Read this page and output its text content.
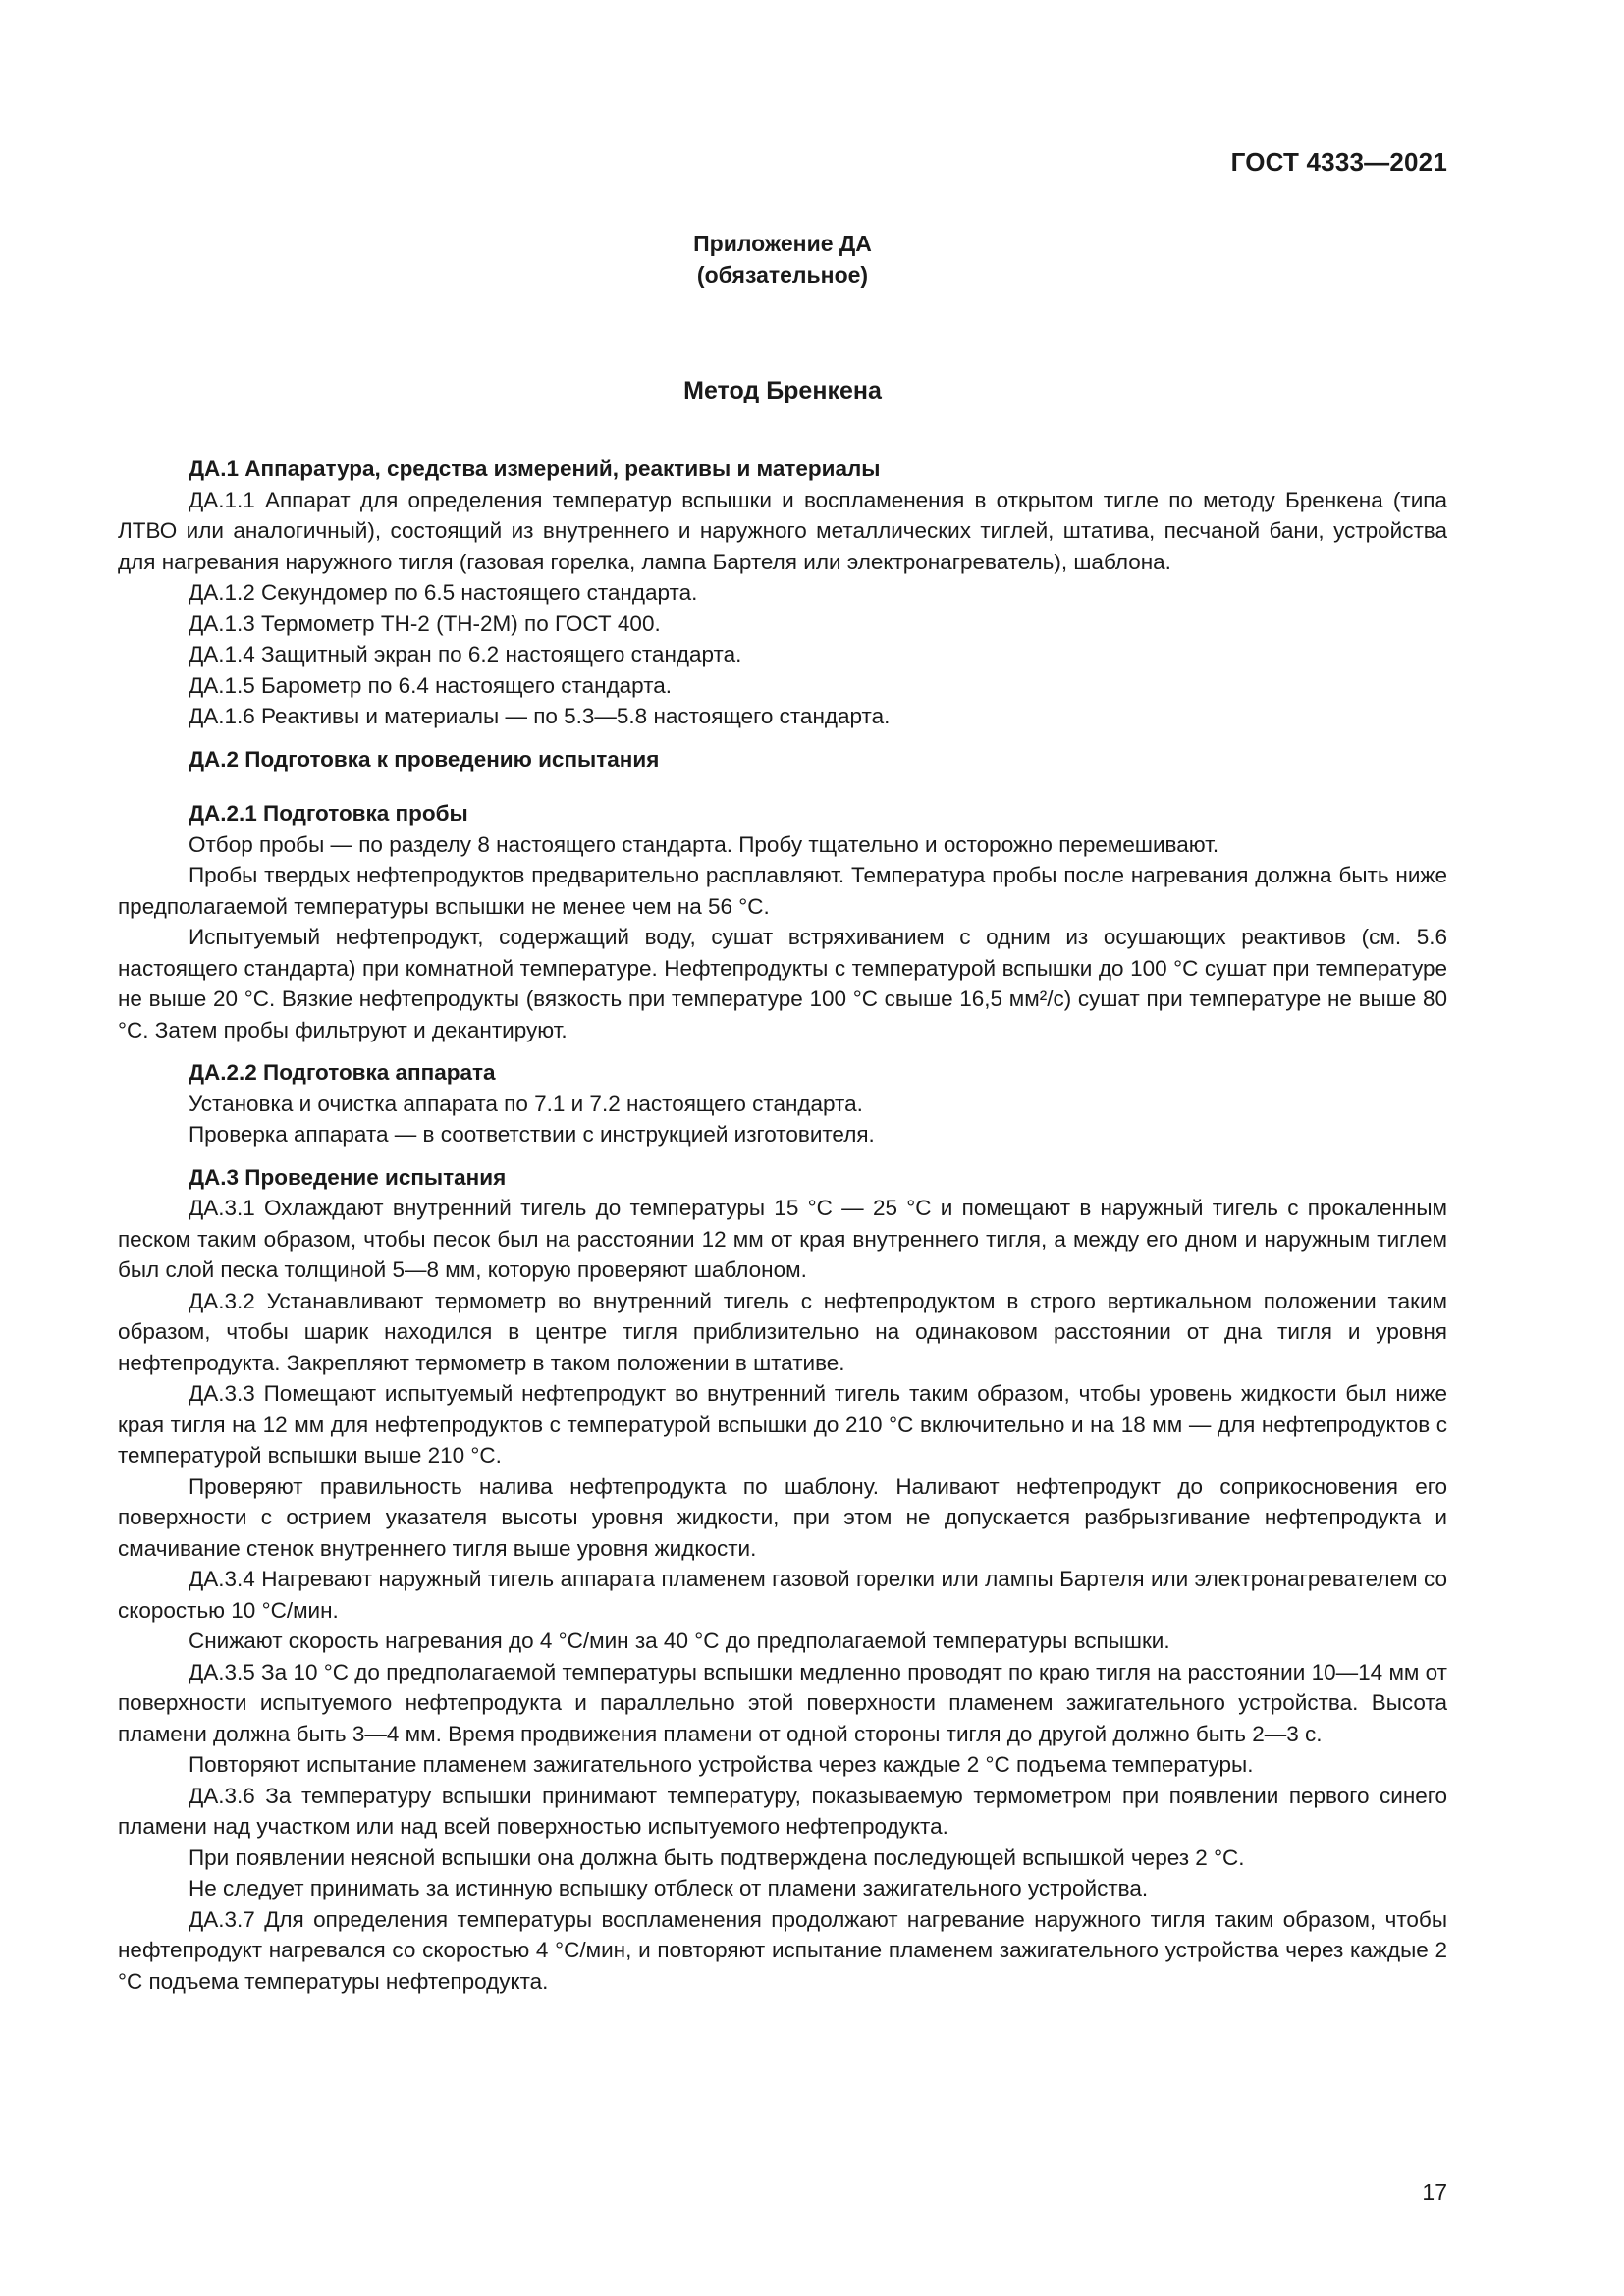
ГОСТ 4333—2021
Приложение ДА
(обязательное)
Метод Бренкена
ДА.1 Аппаратура, средства измерений, реактивы и материалы

ДА.1.1 Аппарат для определения температур вспышки и воспламенения в открытом тигле по методу Бренкена (типа ЛТВО или аналогичный), состоящий из внутреннего и наружного металлических тиглей, штатива, песчаной бани, устройства для нагревания наружного тигля (газовая горелка, лампа Бартеля или электронагреватель), шаблона.

ДА.1.2 Секундомер по 6.5 настоящего стандарта.

ДА.1.3 Термометр ТН-2 (ТН-2М) по ГОСТ 400.

ДА.1.4 Защитный экран по 6.2 настоящего стандарта.

ДА.1.5 Барометр по 6.4 настоящего стандарта.

ДА.1.6 Реактивы и материалы — по 5.3—5.8 настоящего стандарта.

ДА.2 Подготовка к проведению испытания
ДА.2.1 Подготовка пробы

Отбор пробы — по разделу 8 настоящего стандарта. Пробу тщательно и осторожно перемешивают.

Пробы твердых нефтепродуктов предварительно расплавляют. Температура пробы после нагревания должна быть ниже предполагаемой температуры вспышки не менее чем на 56 °С.

Испытуемый нефтепродукт, содержащий воду, сушат встряхиванием с одним из осушающих реактивов (см. 5.6 настоящего стандарта) при комнатной температуре. Нефтепродукты с температурой вспышки до 100 °С сушат при температуре не выше 20 °С. Вязкие нефтепродукты (вязкость при температуре 100 °С свыше 16,5 мм²/с) сушат при температуре не выше 80 °С. Затем пробы фильтруют и декантируют.

ДА.2.2 Подготовка аппарата

Установка и очистка аппарата по 7.1 и 7.2 настоящего стандарта.

Проверка аппарата — в соответствии с инструкцией изготовителя.

ДА.3 Проведение испытания

ДА.3.1 Охлаждают внутренний тигель до температуры 15 °С — 25 °С и помещают в наружный тигель с прокаленным песком таким образом, чтобы песок был на расстоянии 12 мм от края внутреннего тигля, а между его дном и наружным тиглем был слой песка толщиной 5—8 мм, которую проверяют шаблоном.

ДА.3.2 Устанавливают термометр во внутренний тигель с нефтепродуктом в строго вертикальном положении таким образом, чтобы шарик находился в центре тигля приблизительно на одинаковом расстоянии от дна тигля и уровня нефтепродукта. Закрепляют термометр в таком положении в штативе.

ДА.3.3 Помещают испытуемый нефтепродукт во внутренний тигель таким образом, чтобы уровень жидкости был ниже края тигля на 12 мм для нефтепродуктов с температурой вспышки до 210 °С включительно и на 18 мм — для нефтепродуктов с температурой вспышки выше 210 °С.

Проверяют правильность налива нефтепродукта по шаблону. Наливают нефтепродукт до соприкосновения его поверхности с острием указателя высоты уровня жидкости, при этом не допускается разбрызгивание нефтепродукта и смачивание стенок внутреннего тигля выше уровня жидкости.

ДА.3.4 Нагревают наружный тигель аппарата пламенем газовой горелки или лампы Бартеля или электронагревателем со скоростью 10 °С/мин.

Снижают скорость нагревания до 4 °С/мин за 40 °С до предполагаемой температуры вспышки.

ДА.3.5 За 10 °С до предполагаемой температуры вспышки медленно проводят по краю тигля на расстоянии 10—14 мм от поверхности испытуемого нефтепродукта и параллельно этой поверхности пламенем зажигательного устройства. Высота пламени должна быть 3—4 мм. Время продвижения пламени от одной стороны тигля до другой должно быть 2—3 с.

Повторяют испытание пламенем зажигательного устройства через каждые 2 °С подъема температуры.

ДА.3.6 За температуру вспышки принимают температуру, показываемую термометром при появлении первого синего пламени над участком или над всей поверхностью испытуемого нефтепродукта.

При появлении неясной вспышки она должна быть подтверждена последующей вспышкой через 2 °С.

Не следует принимать за истинную вспышку отблеск от пламени зажигательного устройства.

ДА.3.7 Для определения температуры воспламенения продолжают нагревание наружного тигля таким образом, чтобы нефтепродукт нагревался со скоростью 4 °С/мин, и повторяют испытание пламенем зажигательного устройства через каждые 2 °С подъема температуры нефтепродукта.

17
